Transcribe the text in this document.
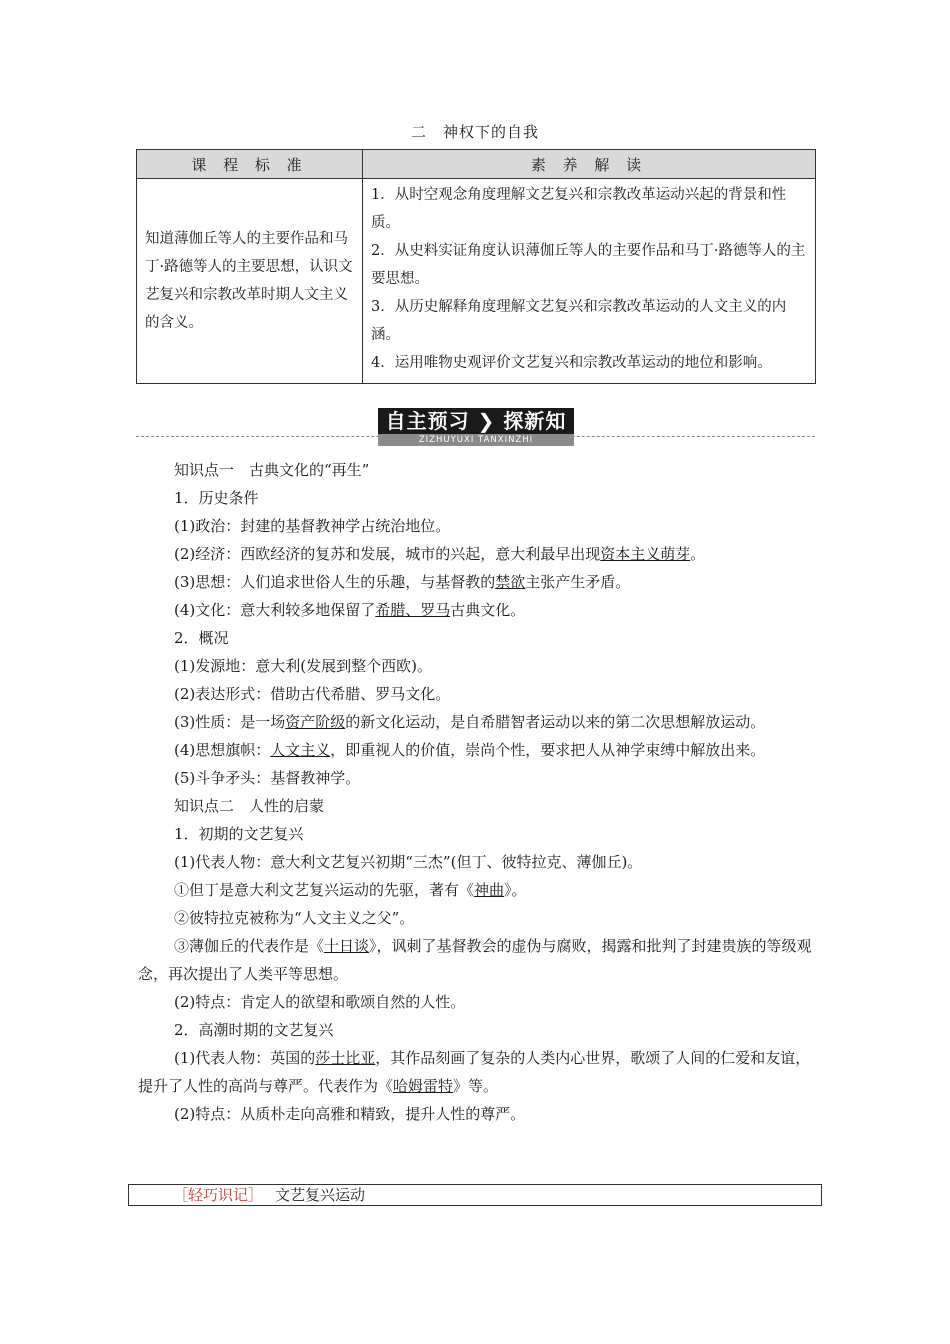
二　神权下的自我
课 程 标 准	素 养 解 读
知道薄伽丘等人的主要作品和马丁·路德等人的主要思想，认识文艺复兴和宗教改革时期人文主义的含义。	1．从时空观念角度理解文艺复兴和宗教改革运动兴起的背景和性质。
2．从史料实证角度认识薄伽丘等人的主要作品和马丁·路德等人的主要思想。
3．从历史解释角度理解文艺复兴和宗教改革运动的人文主义的内涵。
4．运用唯物史观评价文艺复兴和宗教改革运动的地位和影响。
自主预习 ❯ 探新知
ZIZHUYUXI TANXINZHI

知识点一　古典文化的“再生”

1．历史条件

(1)政治：封建的基督教神学占统治地位。

(2)经济：西欧经济的复苏和发展，城市的兴起，意大利最早出现资本主义萌芽。

(3)思想：人们追求世俗人生的乐趣，与基督教的禁欲主张产生矛盾。

(4)文化：意大利较多地保留了希腊、罗马古典文化。

2．概况

(1)发源地：意大利(发展到整个西欧)。

(2)表达形式：借助古代希腊、罗马文化。

(3)性质：是一场资产阶级的新文化运动，是自希腊智者运动以来的第二次思想解放运动。

(4)思想旗帜：人文主义，即重视人的价值，崇尚个性，要求把人从神学束缚中解放出来。

(5)斗争矛头：基督教神学。

知识点二　人性的启蒙

1．初期的文艺复兴

(1)代表人物：意大利文艺复兴初期“三杰”(但丁、彼特拉克、薄伽丘)。

①但丁是意大利文艺复兴运动的先驱，著有《神曲》。

②彼特拉克被称为“人文主义之父”。

③薄伽丘的代表作是《十日谈》，讽刺了基督教会的虚伪与腐败，揭露和批判了封建贵族的等级观念，再次提出了人类平等思想。

(2)特点：肯定人的欲望和歌颂自然的人性。

2．高潮时期的文艺复兴

(1)代表人物：英国的莎士比亚，其作品刻画了复杂的人类内心世界，歌颂了人间的仁爱和友谊，提升了人性的高尚与尊严。代表作为《哈姆雷特》等。

(2)特点：从质朴走向高雅和精致，提升人性的尊严。

［轻巧识记］ 文艺复兴运动
